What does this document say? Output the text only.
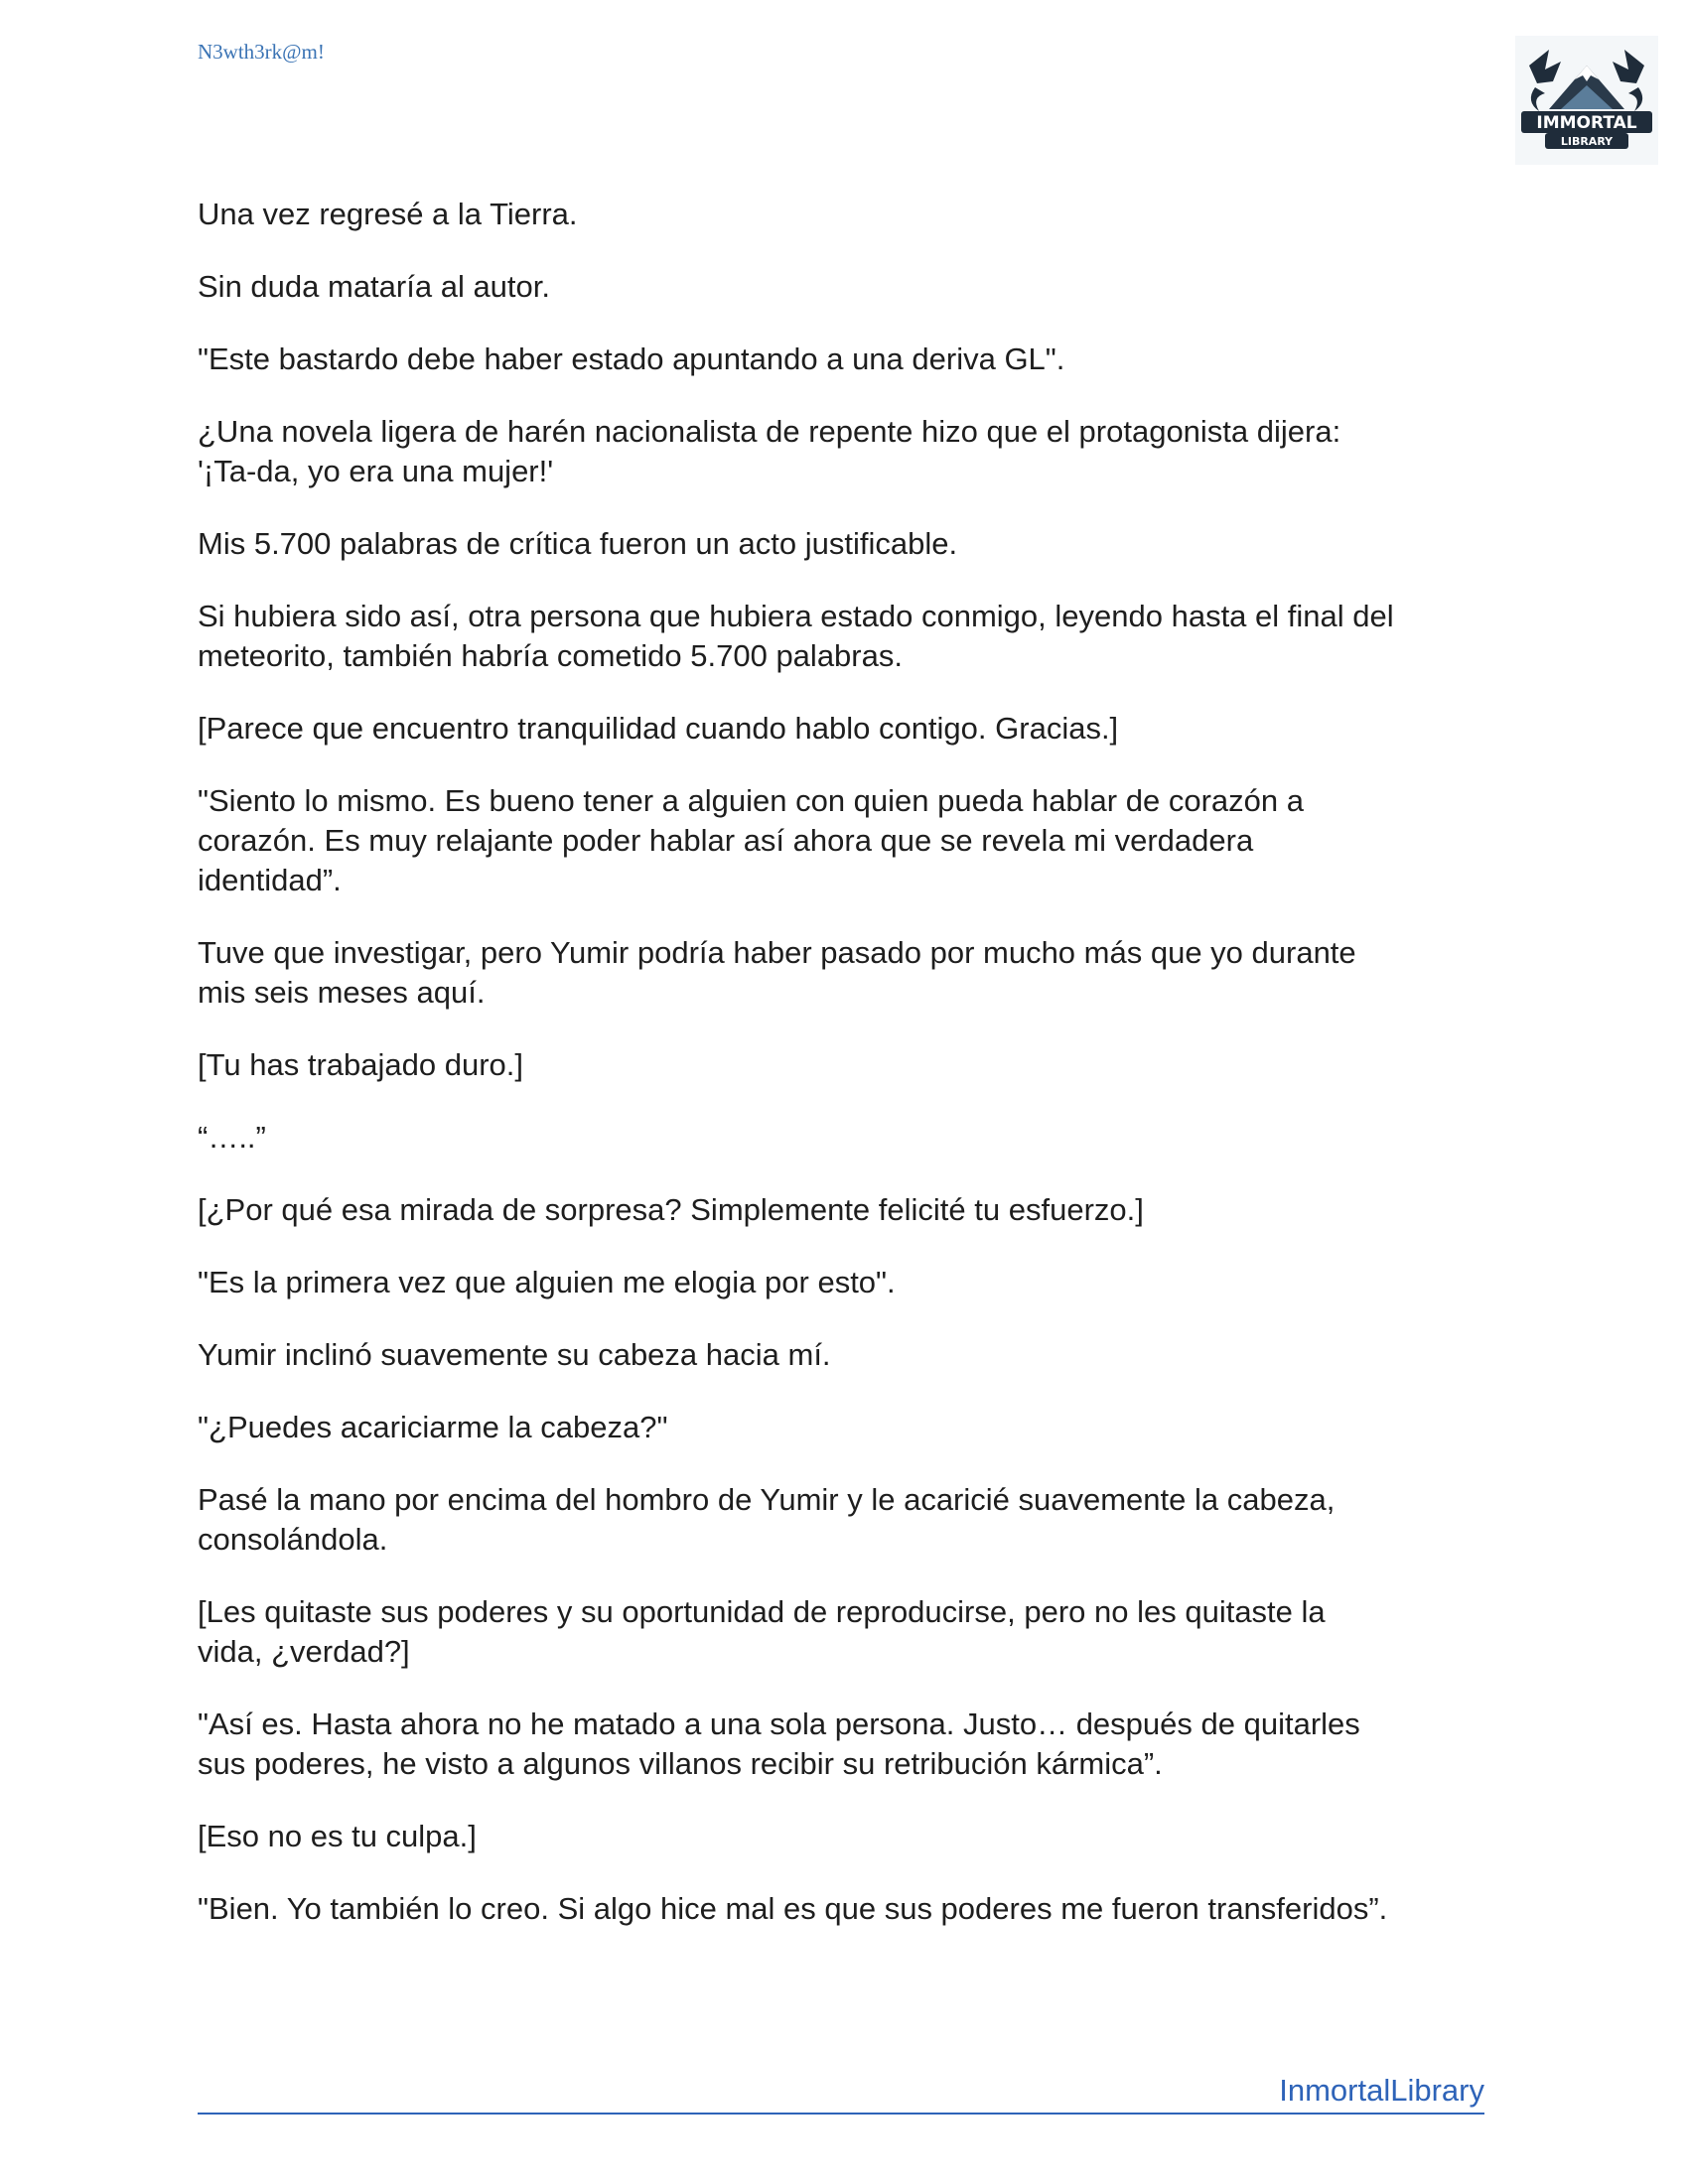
N3wth3rk@m!
IMMORTAL
LIBRARY

Una vez regresé a la Tierra.

Sin duda mataría al autor.

"Este bastardo debe haber estado apuntando a una deriva GL".

¿Una novela ligera de harén nacionalista de repente hizo que el protagonista dijera:
'¡Ta-da, yo era una mujer!'

Mis 5.700 palabras de crítica fueron un acto justificable.

Si hubiera sido así, otra persona que hubiera estado conmigo, leyendo hasta el final del
meteorito, también habría cometido 5.700 palabras.

[Parece que encuentro tranquilidad cuando hablo contigo. Gracias.]

"Siento lo mismo. Es bueno tener a alguien con quien pueda hablar de corazón a
corazón. Es muy relajante poder hablar así ahora que se revela mi verdadera
identidad”.

Tuve que investigar, pero Yumir podría haber pasado por mucho más que yo durante
mis seis meses aquí.

[Tu has trabajado duro.]

“…..”

[¿Por qué esa mirada de sorpresa? Simplemente felicité tu esfuerzo.]

"Es la primera vez que alguien me elogia por esto".

Yumir inclinó suavemente su cabeza hacia mí.

"¿Puedes acariciarme la cabeza?"

Pasé la mano por encima del hombro de Yumir y le acaricié suavemente la cabeza,
consolándola.

[Les quitaste sus poderes y su oportunidad de reproducirse, pero no les quitaste la
vida, ¿verdad?]

"Así es. Hasta ahora no he matado a una sola persona. Justo… después de quitarles
sus poderes, he visto a algunos villanos recibir su retribución kármica”.

[Eso no es tu culpa.]

"Bien. Yo también lo creo. Si algo hice mal es que sus poderes me fueron transferidos”.

InmortalLibrary
